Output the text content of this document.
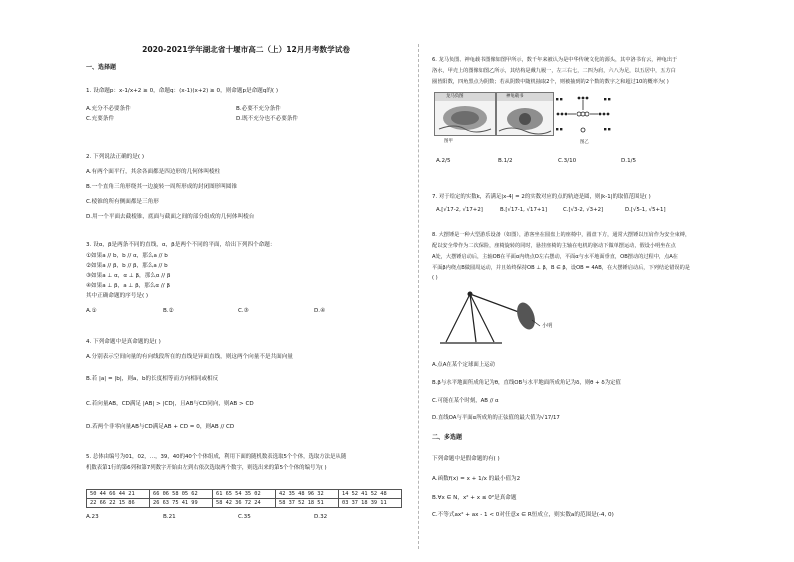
2020-2021学年湖北省十堰市高二（上）12月月考数学试卷
一、选择题
1. 设命题p：x-1/x+2 ≥ 0，命题q：(x-1)(x+2) ≥ 0，则命题p是命题q的( )
A.充分不必要条件	B.必要不充分条件
C.充要条件	D.既不充分也不必要条件
2. 下列说法正确的是( )
A.有两个面平行，其余各面都是四边形的几何体叫棱柱
B.一个直角三角形绕其一边旋转一周所形成的封闭图形叫圆锥
C.棱锥的所有侧面都是三角形
D.用一个平面去截棱锥，底面与截面之间的部分组成的几何体叫棱台
3. 设α，β是两条不同的直线，α，β是两个不同的平面，给出下列四个命题：
①如果a // b，b // α，那么a // b
②如果a // β，b // β，那么a // b
③如果a ⊥ α，α ⊥ β，那么α // β
④如果a ⊥ β，a ⊥ β，那么α // β
其中正确命题的序号是( )
A.①	B.②	C.③	D.④
4. 下列命题中是真命题的是( )
A.分别表示空间向量的有向线段所在的直线是异面直线，则这两个向量不是共面向量
B.若 |a| = |b|，则a，b的长度相等而方向相同或相反
C.若向量AB，CD满足 |AB| > |CD|，且AB与CD同向，则AB > CD
D.若两个非零向量AB与CD满足AB + CD = 0，则AB // CD
5. 总体由编号为01，02，…，39，40的40个个体组成，利用下面的随机数表选取5个个体，选取方法是从随
机数表第1行的第6列和第7列数字开始由左到右依次选取两个数字，则选出来的第5个个体的编号为( )
50 44 66 44 21	66 06 58 05 62	61 65 54 35 02	42 35 48 96 32	14 52 41 52 48
22 66 22 15 86	26 63 75 41 99	58 42 36 72 24	58 37 52 18 51	03 37 18 39 11
A.23	B.21	C.35	D.32
6. 龙马负图、神龟载书图像如图甲所示，数千年来被认为是中华传统文化的源头，其中洛书有云，神龟出于
洛水，甲壳上的图像如图乙所示，其结构是戴九履一，左三右七，二四为肩，六八为足，以五居中，五方白
圈皆阳数，四角黑点为阴数；若从阴数中随机抽取2个，则被抽到的2个数的数字之和超过10的概率为( )
龙马负图	神龟载书
图甲	图乙
A.2/5	B.1/2	C.3/10	D.1/5
7. 对于给定的实数k，若满足|x-4| = 2的实数对应的点的轨迹是圆，则|k-1|的取值范围是( )
A.[√17-2, √17+2]	B.[√17-1, √17+1]	C.[√3-2, √3+2]	D.[√5-1, √5+1]
8. 大摆锤是一种大型游乐设备（如图），游客坐在圆盘上的座椅中，圆盘下方，通常大摆锤以压肩作为安全束缚，
配以安全带作为二次保险，座椅旋转的同时，悬挂座椅的主轴在电机的驱动下做单摆运动，假设小明坐在点
A处，大摆锤启动后，主轴OB在平面α内绕点O左右摆动，平面α与水平地面垂直，OB摆动的过程中，点A在
平面β内绕点B做圆周运动，并且始终保持OB ⊥ β，B ∈ β，设OB = 4AB，在大摆锤启动后，下列结论错误的是
( )
小明
A.点A在某个定球面上运动
B.β与水平地面所成角记为θ，直线OB与水平地面所成角记为δ，则θ + δ为定值
C.可能在某个时刻，AB // α
D.直线OA与平面α所成角的正弦值的最大值为√17/17
二、多选题
下列命题中是假命题的有( )
A.函数f(x) = x + 1/x 的最小值为2
B.∀x ∈ N，x² + x ≤ 0²是真命题
C.不等式ax² + ax - 1 < 0对任意x ∈ R恒成立，则实数a的范围是(-4, 0)
